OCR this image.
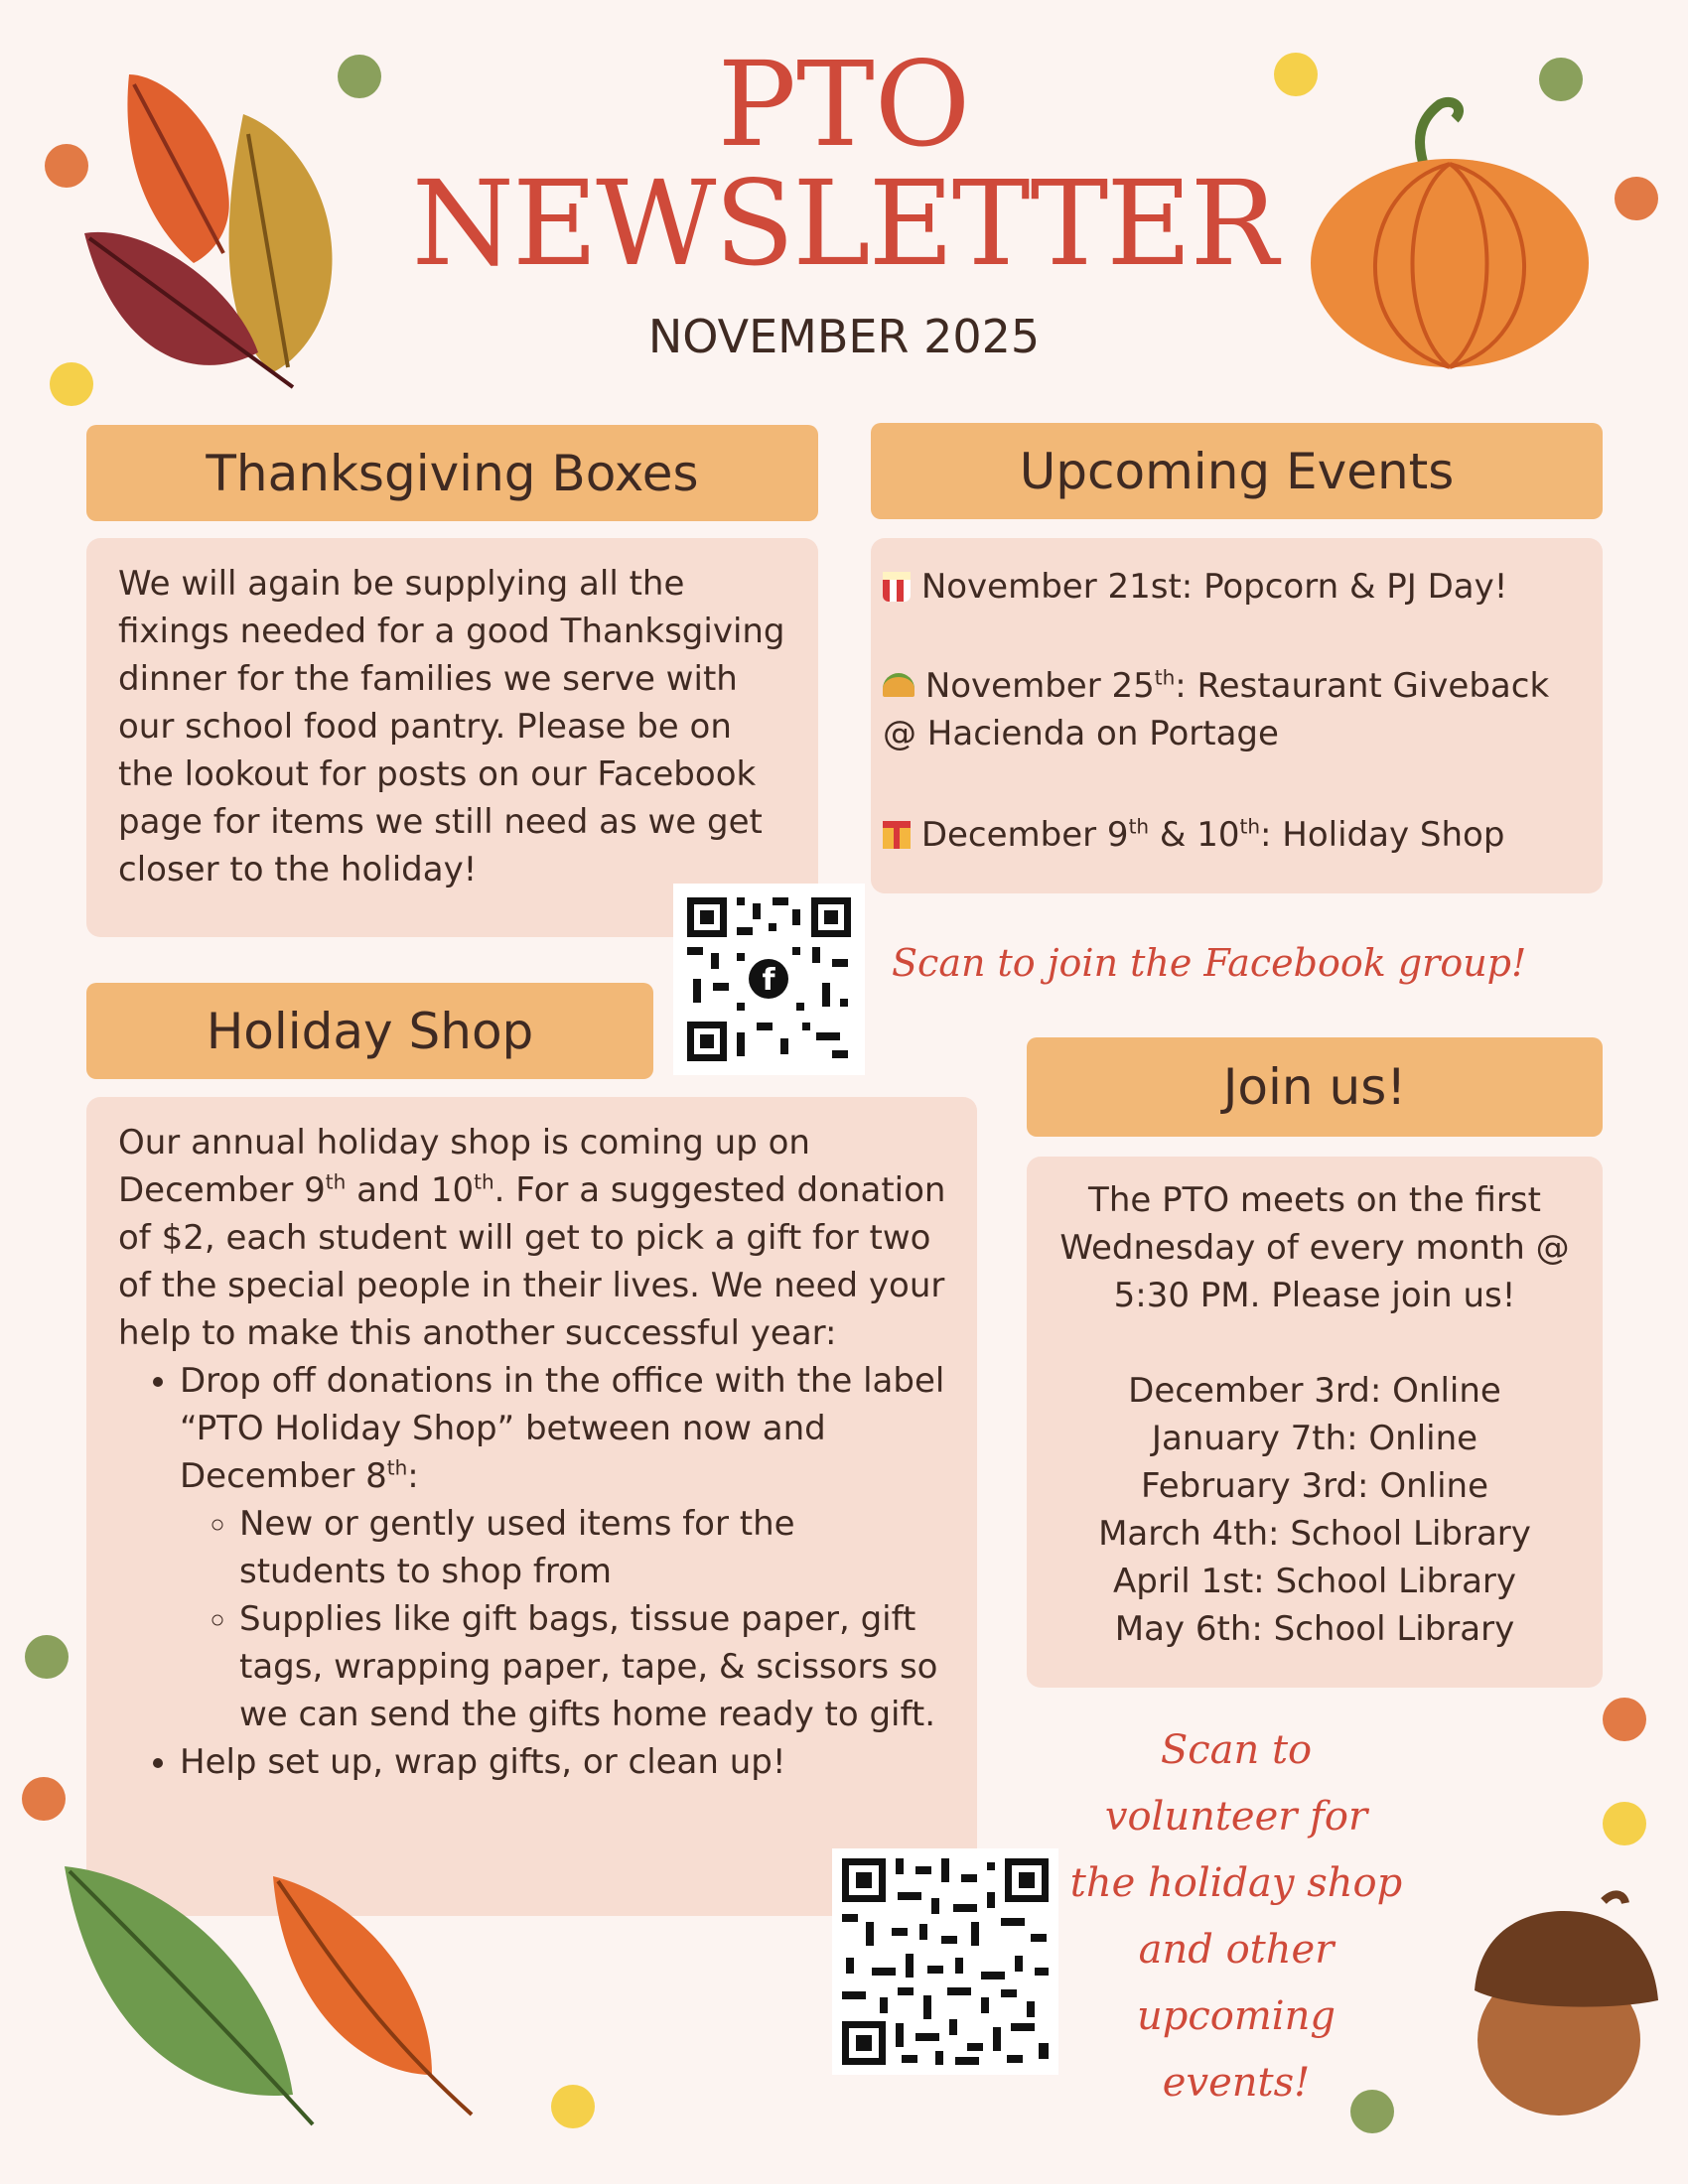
PTO
NEWSLETTER
NOVEMBER 2025
Thanksgiving Boxes

We will again be supplying all the fixings needed for a good Thanksgiving dinner for the families we serve with our school food pantry. Please be on the lookout for posts on our Facebook page for items we still need as we get closer to the holiday!

Upcoming Events
November 21st: Popcorn & PJ Day!
November 25th: Restaurant Giveback @ Hacienda on Portage
December 9th & 10th: Holiday Shop
f	Scan to join the Facebook group!
Holiday Shop

Our annual holiday shop is coming up on December 9th and 10th. For a suggested donation of $2, each student will get to pick a gift for two of the special people in their lives. We need your help to make this another successful year:

• Drop off donations in the office with the label “PTO Holiday Shop” between now and December 8th:
◦ New or gently used items for the students to shop from
◦ Supplies like gift bags, tissue paper, gift tags, wrapping paper, tape, & scissors so we can send the gifts home ready to gift.
• Help set up, wrap gifts, or clean up!
Join us!

The PTO meets on the first Wednesday of every month @ 5:30 PM. Please join us!

December 3rd: Online
January 7th: Online
February 3rd: Online
March 4th: School Library
April 1st: School Library
May 6th: School Library
Scan to volunteer for the holiday shop and other upcoming events!
